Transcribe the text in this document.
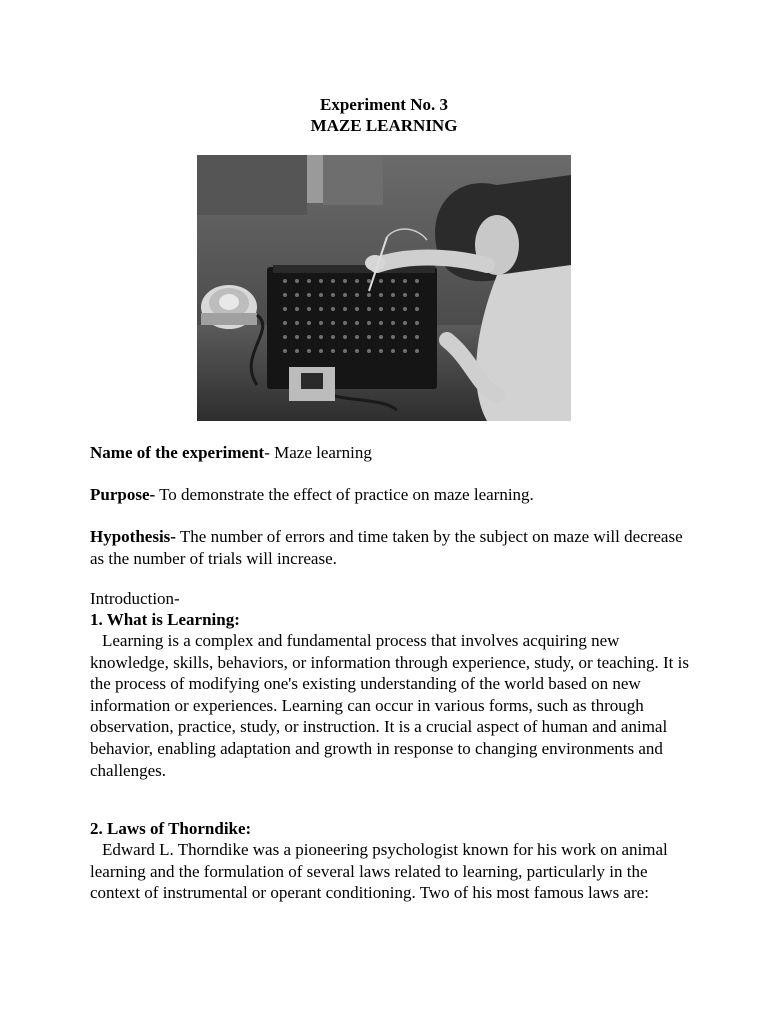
Experiment No. 3
MAZE LEARNING
Name of the experiment- Maze learning
Purpose- To demonstrate the effect of practice on maze learning.
Hypothesis- The number of errors and time taken by the subject on maze will decrease as the number of trials will increase.
Introduction-
1. What is Learning:

Learning is a complex and fundamental process that involves acquiring new knowledge, skills, behaviors, or information through experience, study, or teaching. It is the process of modifying one's existing understanding of the world based on new information or experiences. Learning can occur in various forms, such as through observation, practice, study, or instruction. It is a crucial aspect of human and animal behavior, enabling adaptation and growth in response to changing environments and challenges.

2. Laws of Thorndike:

Edward L. Thorndike was a pioneering psychologist known for his work on animal learning and the formulation of several laws related to learning, particularly in the context of instrumental or operant conditioning. Two of his most famous laws are:
